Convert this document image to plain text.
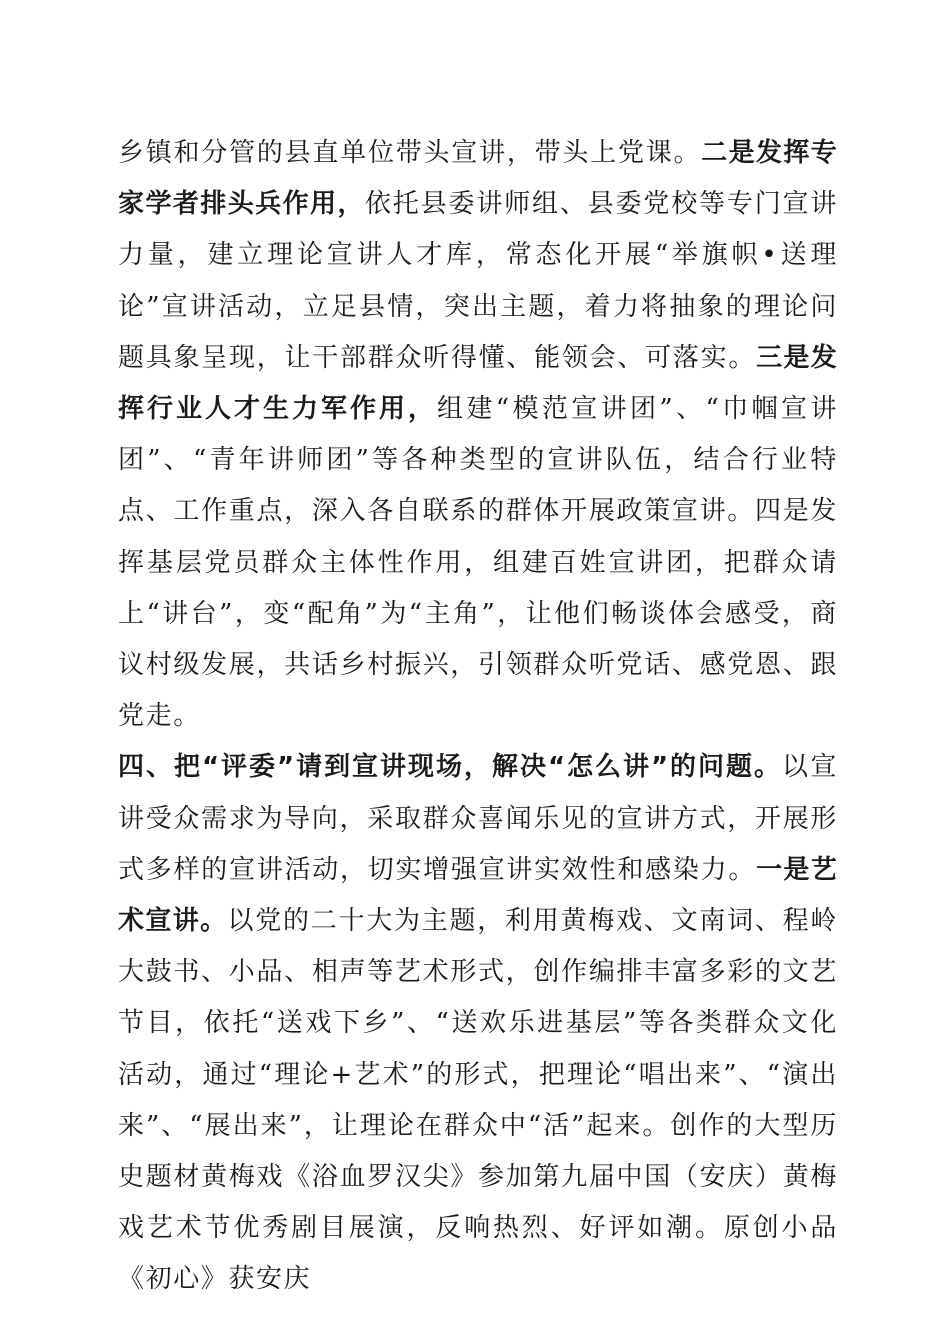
乡镇和分管的县直单位带头宣讲，带头上党课。二是发挥专家学者排头兵作用，依托县委讲师组、县委党校等专门宣讲力量，建立理论宣讲人才库，常态化开展“举旗帜•送理论”宣讲活动，立足县情，突出主题，着力将抽象的理论问题具象呈现，让干部群众听得懂、能领会、可落实。三是发挥行业人才生力军作用，组建“模范宣讲团”、“巾帼宣讲团”、“青年讲师团”等各种类型的宣讲队伍，结合行业特点、工作重点，深入各自联系的群体开展政策宣讲。四是发挥基层党员群众主体性作用，组建百姓宣讲团，把群众请上“讲台”，变“配角”为“主角”，让他们畅谈体会感受，商议村级发展，共话乡村振兴，引领群众听党话、感党恩、跟党走。

四、把“评委”请到宣讲现场，解决“怎么讲”的问题。以宣讲受众需求为导向，采取群众喜闻乐见的宣讲方式，开展形式多样的宣讲活动，切实增强宣讲实效性和感染力。一是艺术宣讲。以党的二十大为主题，利用黄梅戏、文南词、程岭大鼓书、小品、相声等艺术形式，创作编排丰富多彩的文艺节目，依托“送戏下乡”、“送欢乐进基层”等各类群众文化活动，通过“理论+艺术”的形式，把理论“唱出来”、“演出来”、“展出来”，让理论在群众中“活”起来。创作的大型历史题材黄梅戏《浴血罗汉尖》参加第九届中国（安庆）黄梅戏艺术节优秀剧目展演，反响热烈、好评如潮。原创小品《初心》获安庆
